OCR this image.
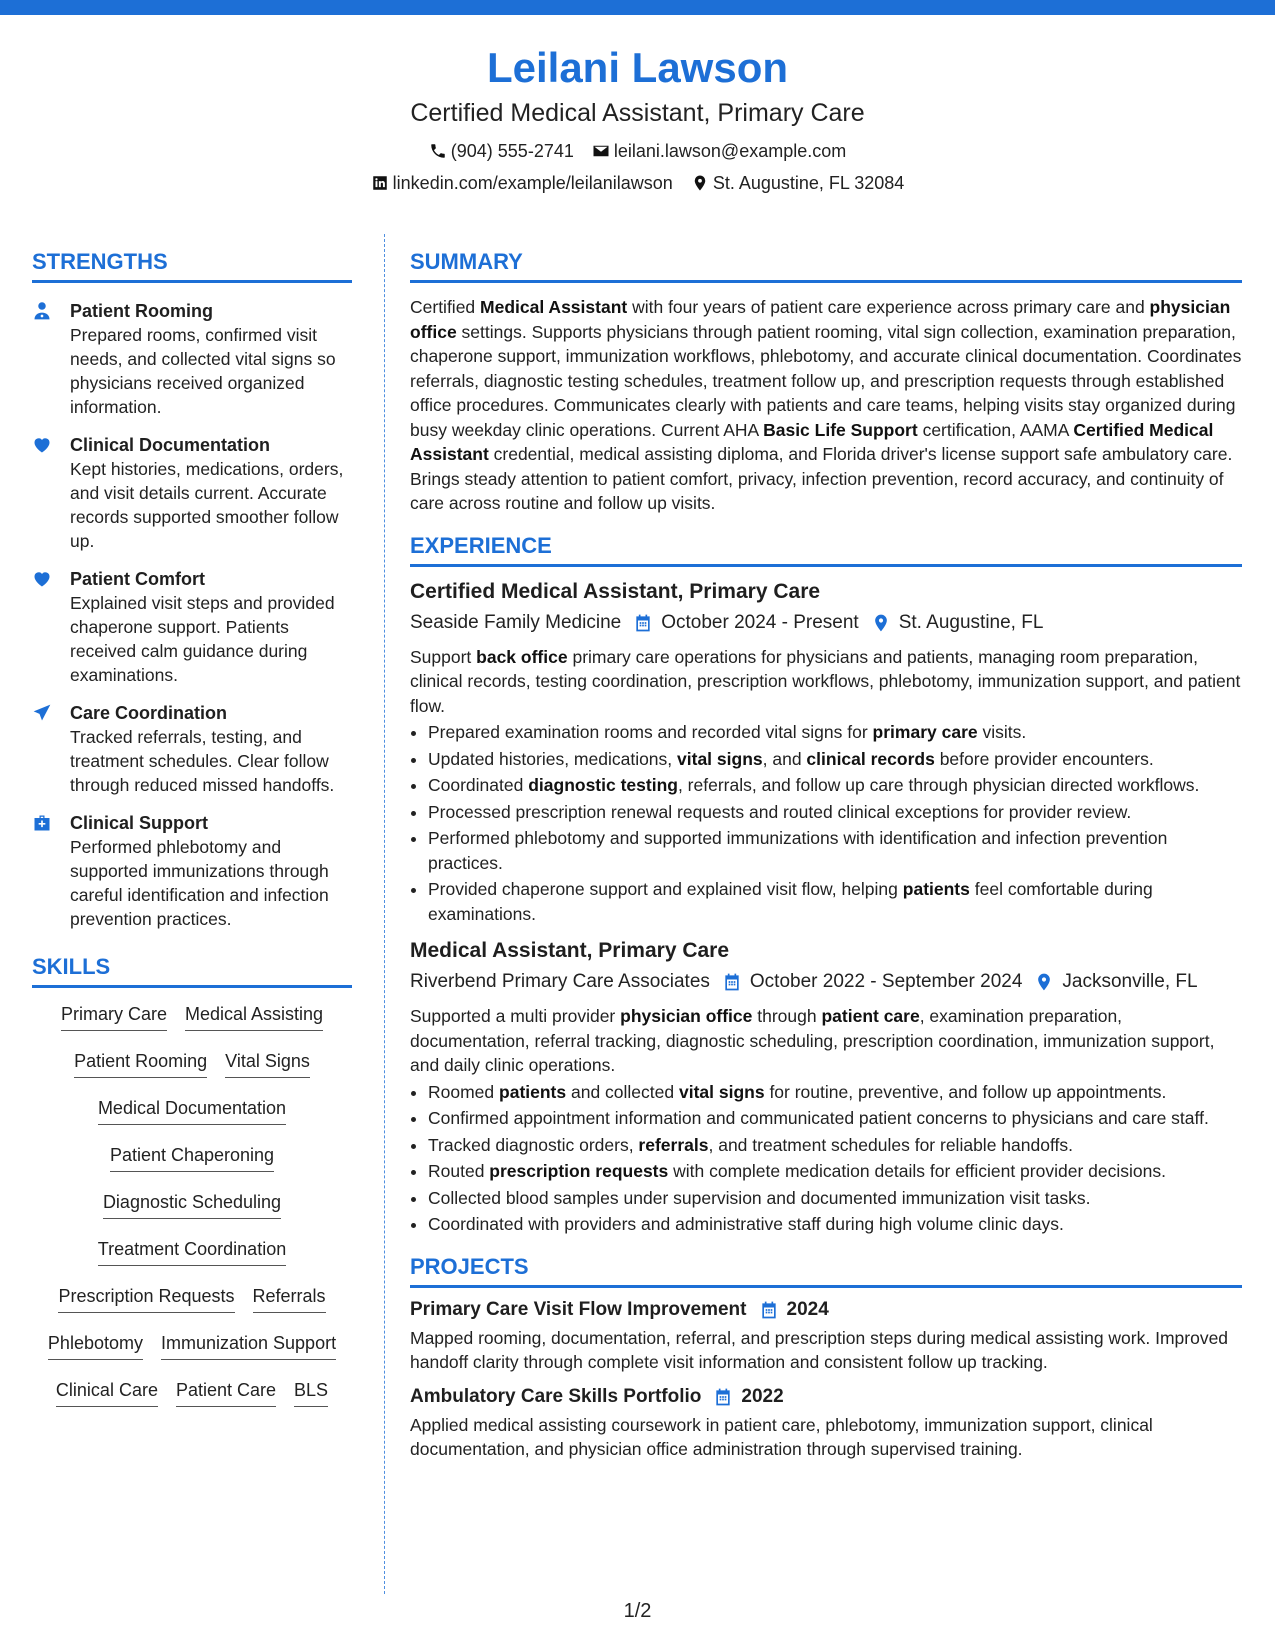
Leilani Lawson
Certified Medical Assistant, Primary Care
(904) 555-2741 leilani.lawson@example.com
linkedin.com/example/leilanilawson St. Augustine, FL 32084
STRENGTHS
Patient Rooming
Prepared rooms, confirmed visit needs, and collected vital signs so physicians received organized information.
Clinical Documentation
Kept histories, medications, orders, and visit details current. Accurate records supported smoother follow up.
Patient Comfort
Explained visit steps and provided chaperone support. Patients received calm guidance during examinations.
Care Coordination
Tracked referrals, testing, and treatment schedules. Clear follow through reduced missed handoffs.
Clinical Support
Performed phlebotomy and supported immunizations through careful identification and infection prevention practices.
SKILLS
Primary Care Medical Assisting
Patient Rooming Vital Signs
Medical Documentation
Patient Chaperoning
Diagnostic Scheduling
Treatment Coordination
Prescription Requests Referrals
Phlebotomy Immunization Support
Clinical Care Patient Care BLS
SUMMARY
Certified Medical Assistant with four years of patient care experience across primary care and physician office settings. Supports physicians through patient rooming, vital sign collection, examination preparation, chaperone support, immunization workflows, phlebotomy, and accurate clinical documentation. Coordinates referrals, diagnostic testing schedules, treatment follow up, and prescription requests through established office procedures. Communicates clearly with patients and care teams, helping visits stay organized during busy weekday clinic operations. Current AHA Basic Life Support certification, AAMA Certified Medical Assistant credential, medical assisting diploma, and Florida driver's license support safe ambulatory care. Brings steady attention to patient comfort, privacy, infection prevention, record accuracy, and continuity of care across routine and follow up visits.
EXPERIENCE
Certified Medical Assistant, Primary Care
Seaside Family Medicine October 2024 - Present St. Augustine, FL
Support back office primary care operations for physicians and patients, managing room preparation, clinical records, testing coordination, prescription workflows, phlebotomy, immunization support, and patient flow.
• Prepared examination rooms and recorded vital signs for primary care visits.
• Updated histories, medications, vital signs, and clinical records before provider encounters.
• Coordinated diagnostic testing, referrals, and follow up care through physician directed workflows.
• Processed prescription renewal requests and routed clinical exceptions for provider review.
• Performed phlebotomy and supported immunizations with identification and infection prevention practices.
• Provided chaperone support and explained visit flow, helping patients feel comfortable during examinations.
Medical Assistant, Primary Care
Riverbend Primary Care Associates October 2022 - September 2024 Jacksonville, FL
Supported a multi provider physician office through patient care, examination preparation, documentation, referral tracking, diagnostic scheduling, prescription coordination, immunization support, and daily clinic operations.
• Roomed patients and collected vital signs for routine, preventive, and follow up appointments.
• Confirmed appointment information and communicated patient concerns to physicians and care staff.
• Tracked diagnostic orders, referrals, and treatment schedules for reliable handoffs.
• Routed prescription requests with complete medication details for efficient provider decisions.
• Collected blood samples under supervision and documented immunization visit tasks.
• Coordinated with providers and administrative staff during high volume clinic days.
PROJECTS
Primary Care Visit Flow Improvement 2024
Mapped rooming, documentation, referral, and prescription steps during medical assisting work. Improved handoff clarity through complete visit information and consistent follow up tracking.
Ambulatory Care Skills Portfolio 2022
Applied medical assisting coursework in patient care, phlebotomy, immunization support, clinical documentation, and physician office administration through supervised training.
1/2
